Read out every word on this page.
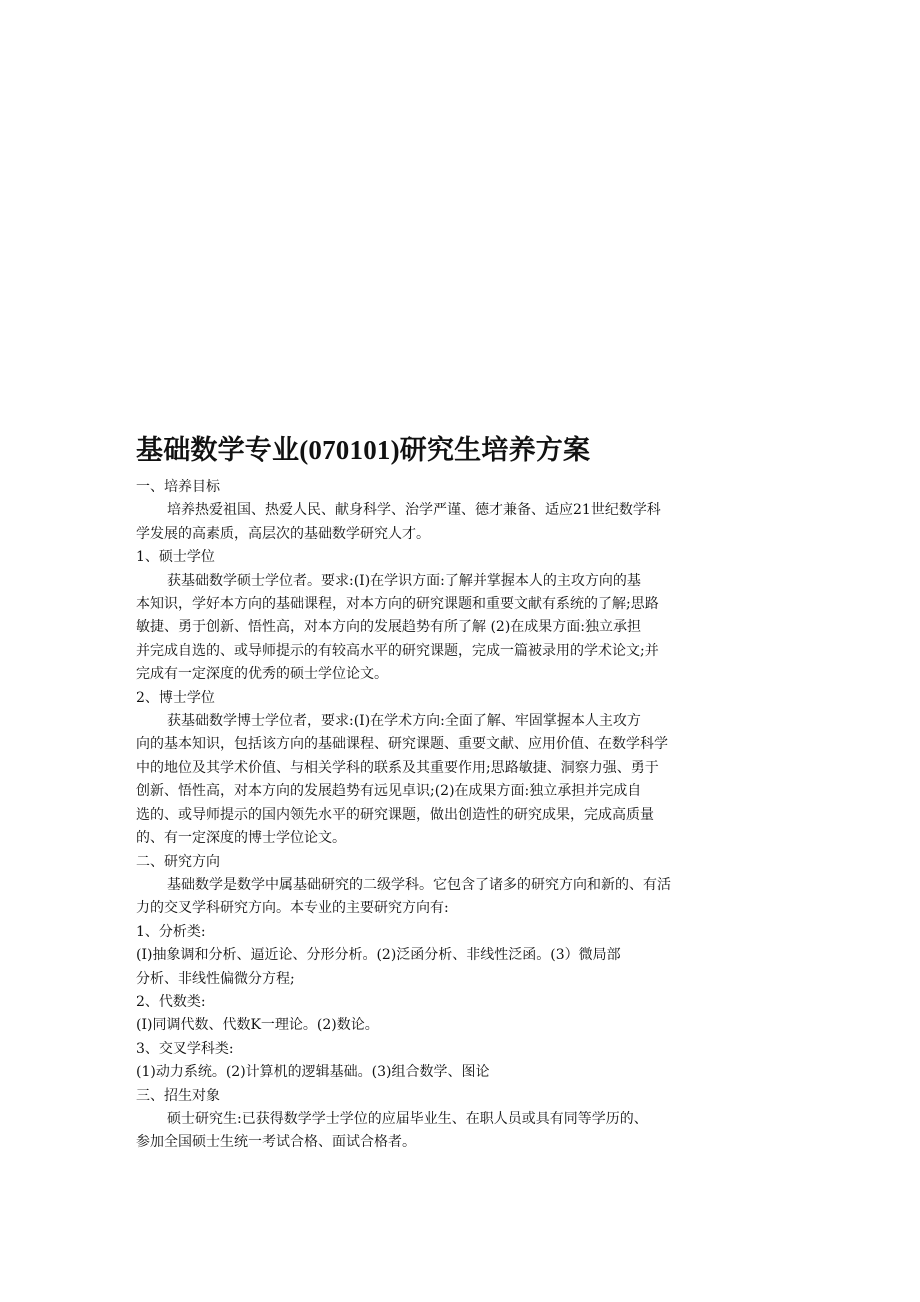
基础数学专业(070101)研究生培养方案

一、培养目标

培养热爱祖国、热爱人民、献身科学、治学严谨、德才兼备、适应21世纪数学科

学发展的高素质，高层次的基础数学研究人才。

1、硕士学位

获基础数学硕士学位者。要求:(I)在学识方面:了解并掌握本人的主攻方向的基

本知识，学好本方向的基础课程，对本方向的研究课题和重要文献有系统的了解;思路

敏捷、勇于创新、悟性高，对本方向的发展趋势有所了解 (2)在成果方面:独立承担

并完成自选的、或导师提示的有较高水平的研究课题，完成一篇被录用的学术论文;并

完成有一定深度的优秀的硕士学位论文。

2、博士学位

获基础数学博士学位者，要求:(I)在学术方向:全面了解、牢固掌握本人主攻方

向的基本知识，包括该方向的基础课程、研究课题、重要文献、应用价值、在数学科学

中的地位及其学术价值、与相关学科的联系及其重要作用;思路敏捷、洞察力强、勇于

创新、悟性高，对本方向的发展趋势有远见卓识;(2)在成果方面:独立承担并完成自

选的、或导师提示的国内领先水平的研究课题，做出创造性的研究成果，完成高质量

的、有一定深度的博士学位论文。

二、研究方向

基础数学是数学中属基础研究的二级学科。它包含了诸多的研究方向和新的、有活

力的交叉学科研究方向。本专业的主要研究方向有:

1、分析类:

(I)抽象调和分析、逼近论、分形分析。(2)泛函分析、非线性泛函。(3）微局部

分析、非线性偏微分方程;

2、代数类:

(I)同调代数、代数K一理论。(2)数论。

3、交叉学科类:

(1)动力系统。(2)计算机的逻辑基础。(3)组合数学、图论

三、招生对象

硕士研究生:已获得数学学士学位的应届毕业生、在职人员或具有同等学历的、

参加全国硕士生统一考试合格、面试合格者。
